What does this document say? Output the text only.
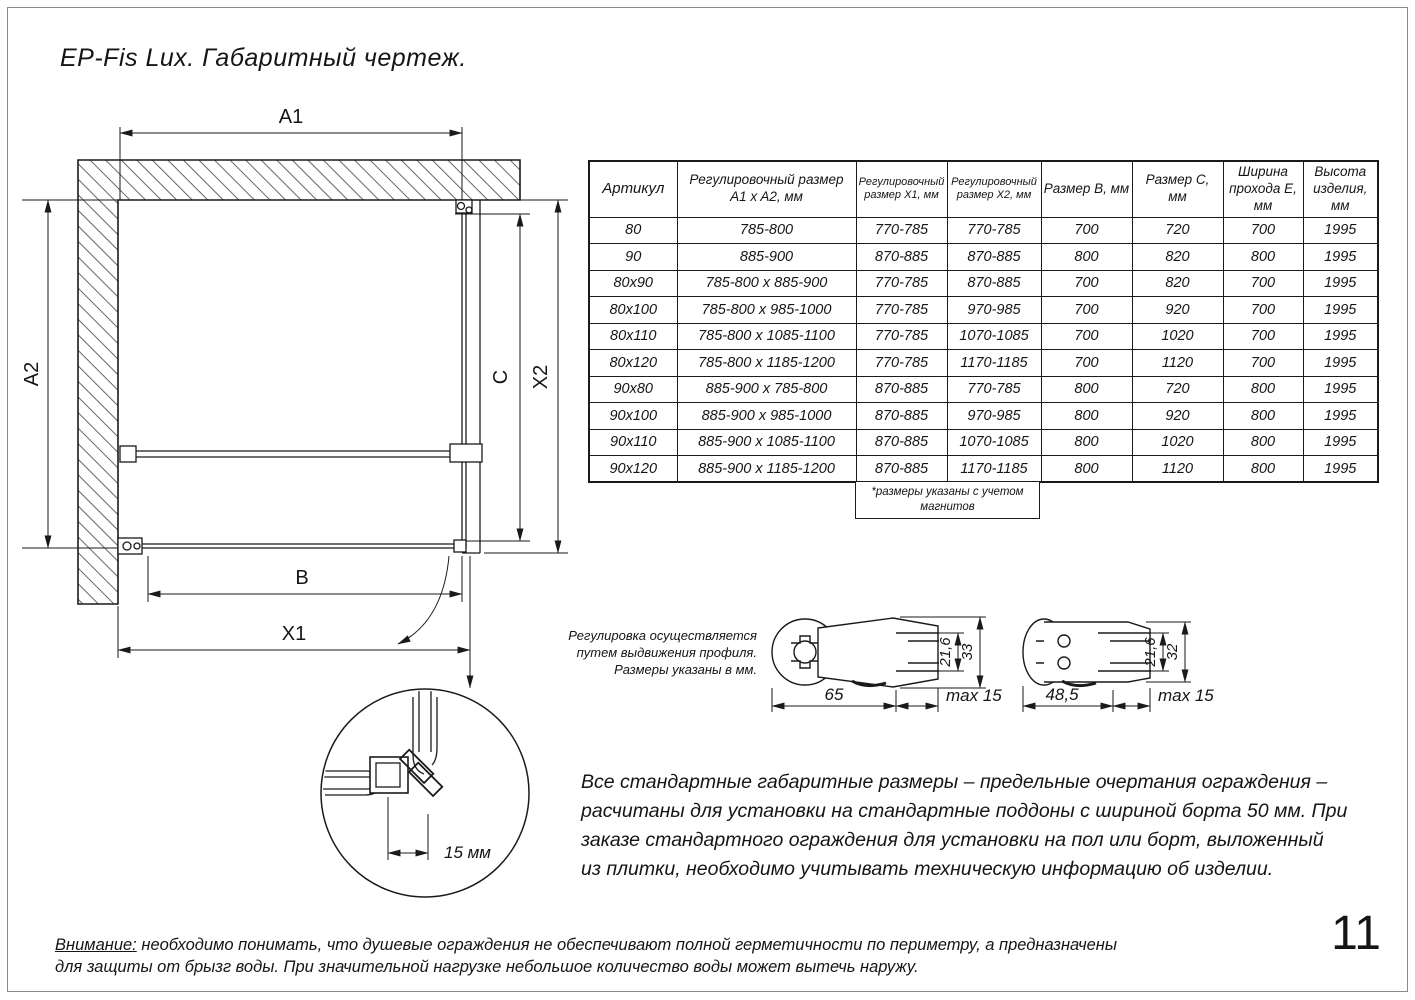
EP-Fis Lux. Габаритный чертеж.
A1
A2	X2
C
B
X1
15 мм
65	max 15
21,6 33
48,5	max 15
21,6 32
Артикул	Регулировочный размер A1 x A2, мм	Регулировочный размер X1, мм	Регулировочный размер X2, мм	Размер B, мм	Размер C, мм	Ширина прохода E, мм	Высота изделия, мм
80	785-800	770-785	770-785	700	720	700	1995
90	885-900	870-885	870-885	800	820	800	1995
80x90	785-800 x 885-900	770-785	870-885	700	820	700	1995
80x100	785-800 x 985-1000	770-785	970-985	700	920	700	1995
80x110	785-800 x 1085-1100	770-785	1070-1085	700	1020	700	1995
80x120	785-800 x 1185-1200	770-785	1170-1185	700	1120	700	1995
90x80	885-900 x 785-800	870-885	770-785	800	720	800	1995
90x100	885-900 x 985-1000	870-885	970-985	800	920	800	1995
90x110	885-900 x 1085-1100	870-885	1070-1085	800	1020	800	1995
90x120	885-900 x 1185-1200	870-885	1170-1185	800	1120	800	1995
*размеры указаны с учетом магнитов
Регулировка осуществляется
путем выдвижения профиля.
Размеры указаны в мм.
Все стандартные габаритные размеры – предельные очертания ограждения –
расчитаны для установки на стандартные поддоны с шириной борта 50 мм. При
заказе стандартного ограждения для установки на пол или борт, выложенный
из плитки, необходимо учитывать техническую информацию об изделии.
Внимание: необходимо понимать, что душевые ограждения не обеспечивают полной герметичности по периметру, а предназначены
для защиты от брызг воды. При значительной нагрузке небольшое количество воды может вытечь наружу.
11
